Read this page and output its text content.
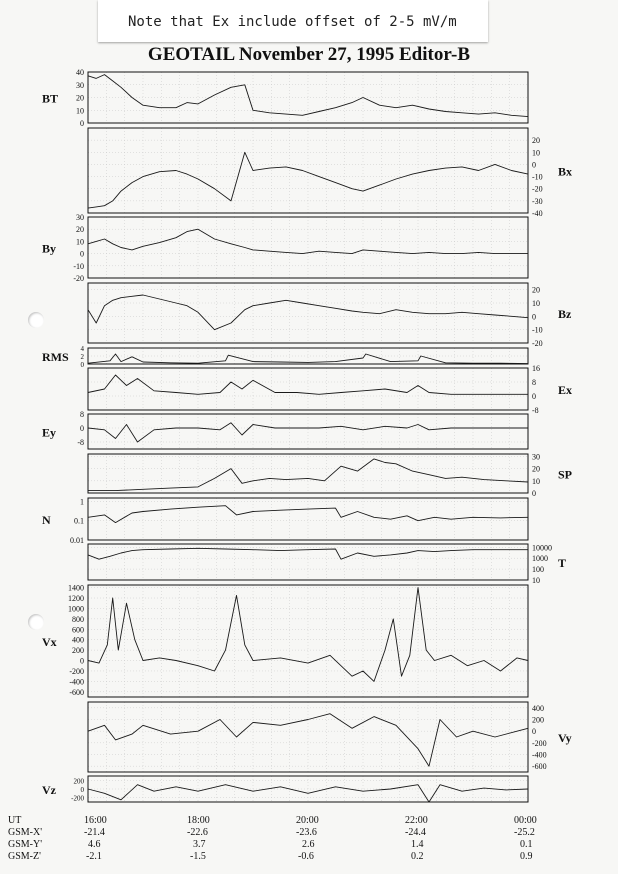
Note that Ex include offset of 2-5 mV/m
GEOTAIL November 27, 1995 Editor-B
40
30
20
10
0
BT
20
10
0
-10
-20
-30
-40
Bx
30
20
10
0
-10
-20
By
20
10
0
-10
-20
Bz
4
2
0
RMS
16
8
0
-8
Ex
8
0
-8
Ey
30
20
10
0
SP
1
0.1
0.01
N
10000
1000
100
10
T
1400
1200
1000
800
600
400
200
0
-200
-400
-600
Vx
400
200
0
-200
-400
-600
Vy
200
0
-200
Vz
UT
GSM-X'
GSM-Y'
GSM-Z'
16:00
-21.4
4.6
-2.1
18:00
-22.6
3.7
-1.5
20:00
-23.6
2.6
-0.6
22:00
-24.4
1.4
0.2
00:00
-25.2
0.1
0.9
